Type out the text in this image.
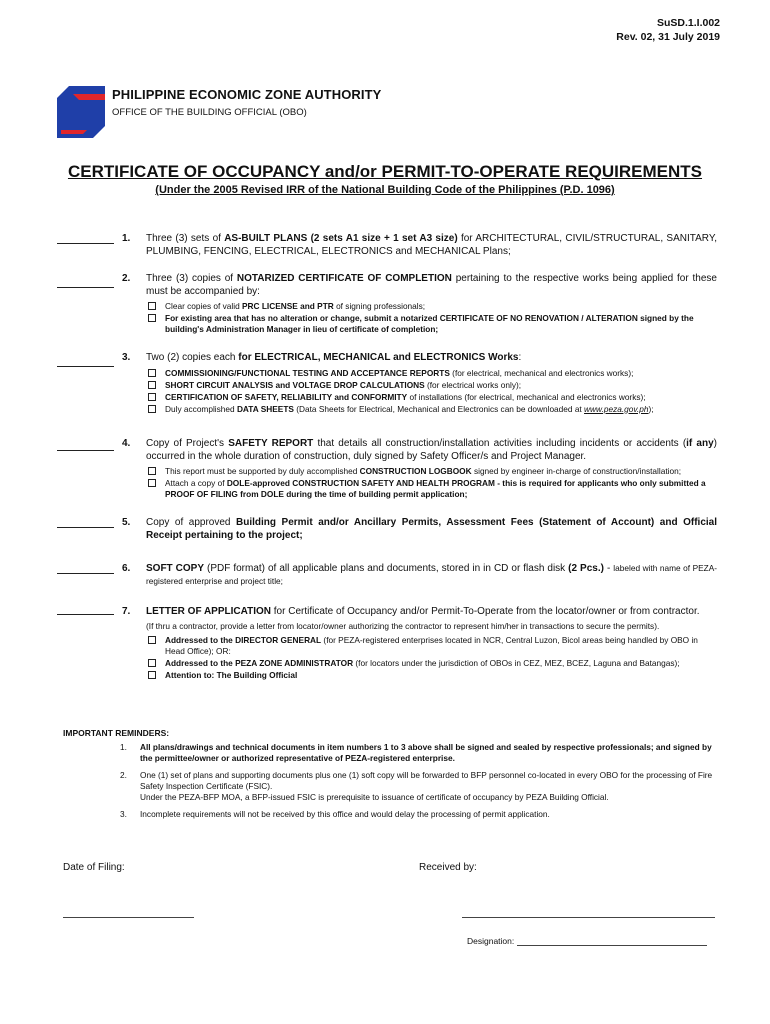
SuSD.1.I.002
Rev. 02, 31 July 2019
PHILIPPINE ECONOMIC ZONE AUTHORITY
OFFICE OF THE BUILDING OFFICIAL (OBO)
CERTIFICATE OF OCCUPANCY and/or PERMIT-TO-OPERATE REQUIREMENTS
(Under the 2005 Revised IRR of the National Building Code of the Philippines (P.D. 1096)
1. Three (3) sets of AS-BUILT PLANS (2 sets A1 size + 1 set A3 size) for ARCHITECTURAL, CIVIL/STRUCTURAL, SANITARY, PLUMBING, FENCING, ELECTRICAL, ELECTRONICS and MECHANICAL Plans;
2. Three (3) copies of NOTARIZED CERTIFICATE OF COMPLETION pertaining to the respective works being applied for these must be accompanied by:
Clear copies of valid PRC LICENSE and PTR of signing professionals;
For existing area that has no alteration or change, submit a notarized CERTIFICATE OF NO RENOVATION / ALTERATION signed by the building's Administration Manager in lieu of certificate of completion;
3. Two (2) copies each for ELECTRICAL, MECHANICAL and ELECTRONICS Works:
COMMISSIONING/FUNCTIONAL TESTING AND ACCEPTANCE REPORTS (for electrical, mechanical and electronics works);
SHORT CIRCUIT ANALYSIS and VOLTAGE DROP CALCULATIONS (for electrical works only);
CERTIFICATION OF SAFETY, RELIABILITY and CONFORMITY of installations (for electrical, mechanical and electronics works);
Duly accomplished DATA SHEETS (Data Sheets for Electrical, Mechanical and Electronics can be downloaded at www.peza.gov.ph);
4. Copy of Project's SAFETY REPORT that details all construction/installation activities including incidents or accidents (if any) occurred in the whole duration of construction, duly signed by Safety Officer/s and Project Manager.
This report must be supported by duly accomplished CONSTRUCTION LOGBOOK signed by engineer in-charge of construction/installation;
Attach a copy of DOLE-approved CONSTRUCTION SAFETY AND HEALTH PROGRAM - this is required for applicants who only submitted a PROOF OF FILING from DOLE during the time of building permit application;
5. Copy of approved Building Permit and/or Ancillary Permits, Assessment Fees (Statement of Account) and Official Receipt pertaining to the project;
6. SOFT COPY (PDF format) of all applicable plans and documents, stored in in CD or flash disk (2 Pcs.) - labeled with name of PEZA-registered enterprise and project title;
7. LETTER OF APPLICATION for Certificate of Occupancy and/or Permit-To-Operate from the locator/owner or from contractor.
(If thru a contractor, provide a letter from locator/owner authorizing the contractor to represent him/her in transactions to secure the permits).
Addressed to the DIRECTOR GENERAL (for PEZA-registered enterprises located in NCR, Central Luzon, Bicol areas being handled by OBO in Head Office); OR:
Addressed to the PEZA ZONE ADMINISTRATOR (for locators under the jurisdiction of OBOs in CEZ, MEZ, BCEZ, Laguna and Batangas);
Attention to: The Building Official
IMPORTANT REMINDERS:
1. All plans/drawings and technical documents in item numbers 1 to 3 above shall be signed and sealed by respective professionals; and signed by the permittee/owner or authorized representative of PEZA-registered enterprise.
2. One (1) set of plans and supporting documents plus one (1) soft copy will be forwarded to BFP personnel co-located in every OBO for the processing of Fire Safety Inspection Certificate (FSIC).
Under the PEZA-BFP MOA, a BFP-issued FSIC is prerequisite to issuance of certificate of occupancy by PEZA Building Official.
3. Incomplete requirements will not be received by this office and would delay the processing of permit application.
Date of Filing:	Received by:
Designation:
